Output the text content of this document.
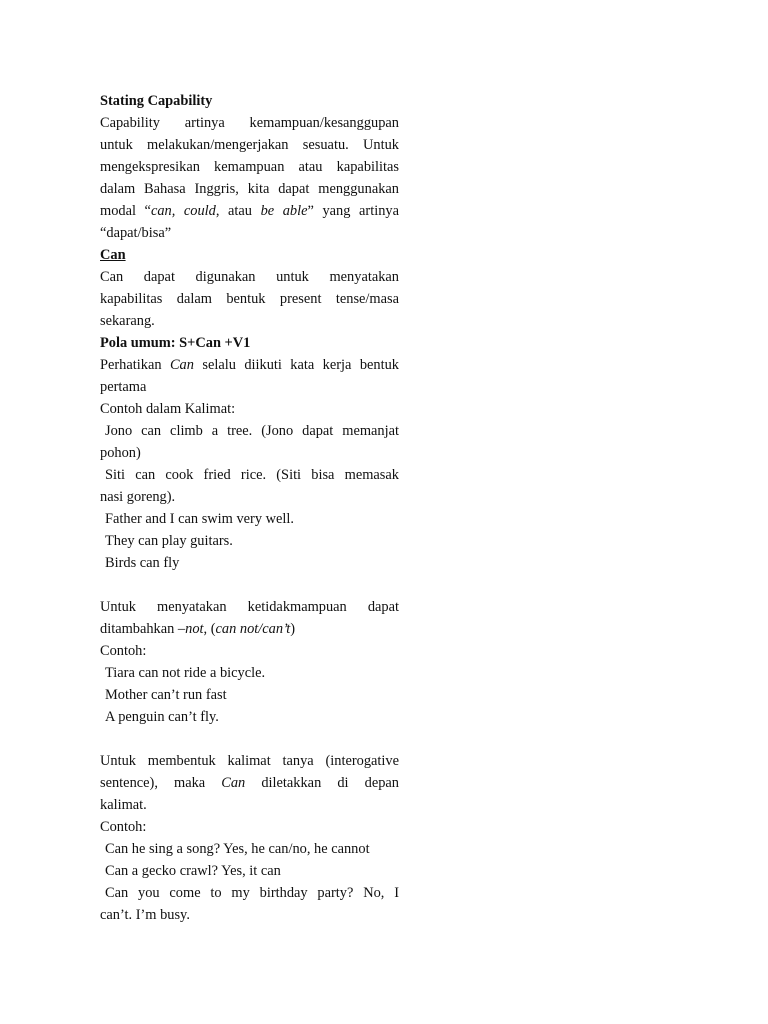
Stating Capability
Capability artinya kemampuan/kesanggupan
untuk melakukan/mengerjakan sesuatu. Untuk
mengekspresikan kemampuan atau kapabilitas
dalam Bahasa Inggris, kita dapat menggunakan
modal “can, could, atau be able” yang artinya
“dapat/bisa”
Can
Can dapat digunakan untuk menyatakan
kapabilitas dalam bentuk present tense/masa
sekarang.
Pola umum: S+Can +V1
Perhatikan Can selalu diikuti kata kerja bentuk
pertama
Contoh dalam Kalimat:
Jono can climb a tree. (Jono dapat memanjat
pohon)
Siti can cook fried rice. (Siti bisa memasak
nasi goreng).
Father and I can swim very well.
They can play guitars.
Birds can fly
Untuk menyatakan ketidakmampuan dapat
ditambahkan –not, (can not/can’t)
Contoh:
Tiara can not ride a bicycle.
Mother can’t run fast
A penguin can’t fly.
Untuk membentuk kalimat tanya (interogative
sentence), maka Can diletakkan di depan
kalimat.
Contoh:
Can he sing a song? Yes, he can/no, he cannot
Can a gecko crawl? Yes, it can
Can you come to my birthday party? No, I
can’t. I’m busy.
